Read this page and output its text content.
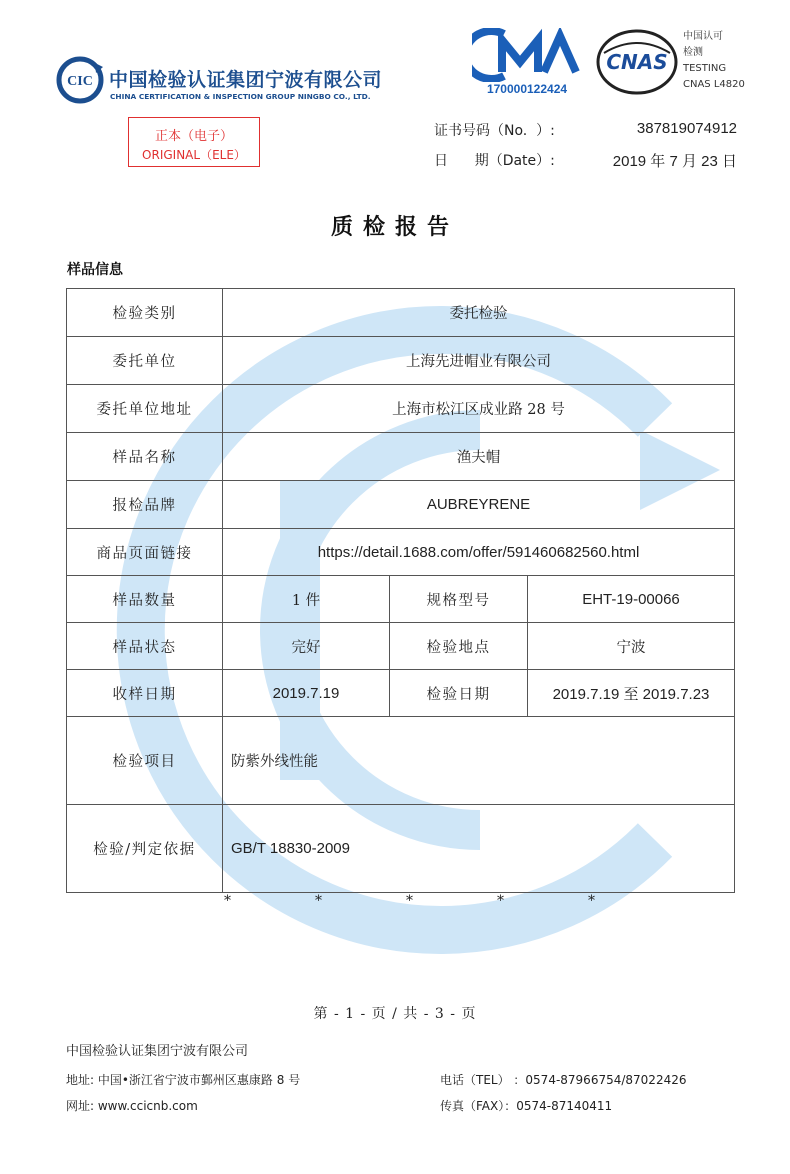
CIC 中国检验认证集团宁波有限公司
CHINA CERTIFICATION & INSPECTION GROUP NINGBO CO., LTD.
170000122424
CNAS
中国认可
检测
TESTING
CNAS L4820
正本（电子）
ORIGINAL（ELE）
证书号码（No.  ）:	387819074912
日      期（Date）:	2019 年 7 月 23 日
质检报告
样品信息
检验类别	委托检验		
委托单位	上海先进帽业有限公司		
委托单位地址	上海市松江区成业路 28 号		
样品名称	渔夫帽		
报检品牌	AUBREYRENE		
商品页面链接	https://detail.1688.com/offer/591460682560.html		
样品数量	1 件	规格型号	EHT-19-00066
样品状态	完好	检验地点	宁波
收样日期	2019.7.19	检验日期	2019.7.19 至 2019.7.23
检验项目	防紫外线性能		
检验/判定依据	GB/T 18830-2009		
*	*	*	*	*
第 - 1 - 页 / 共 - 3 - 页
中国检验认证集团宁波有限公司
地址: 中国•浙江省宁波市鄞州区惠康路 8 号
网址: www.ccicnb.com
电话（TEL） ：0574-87966754/87022426
传真（FAX）：0574-87140411
